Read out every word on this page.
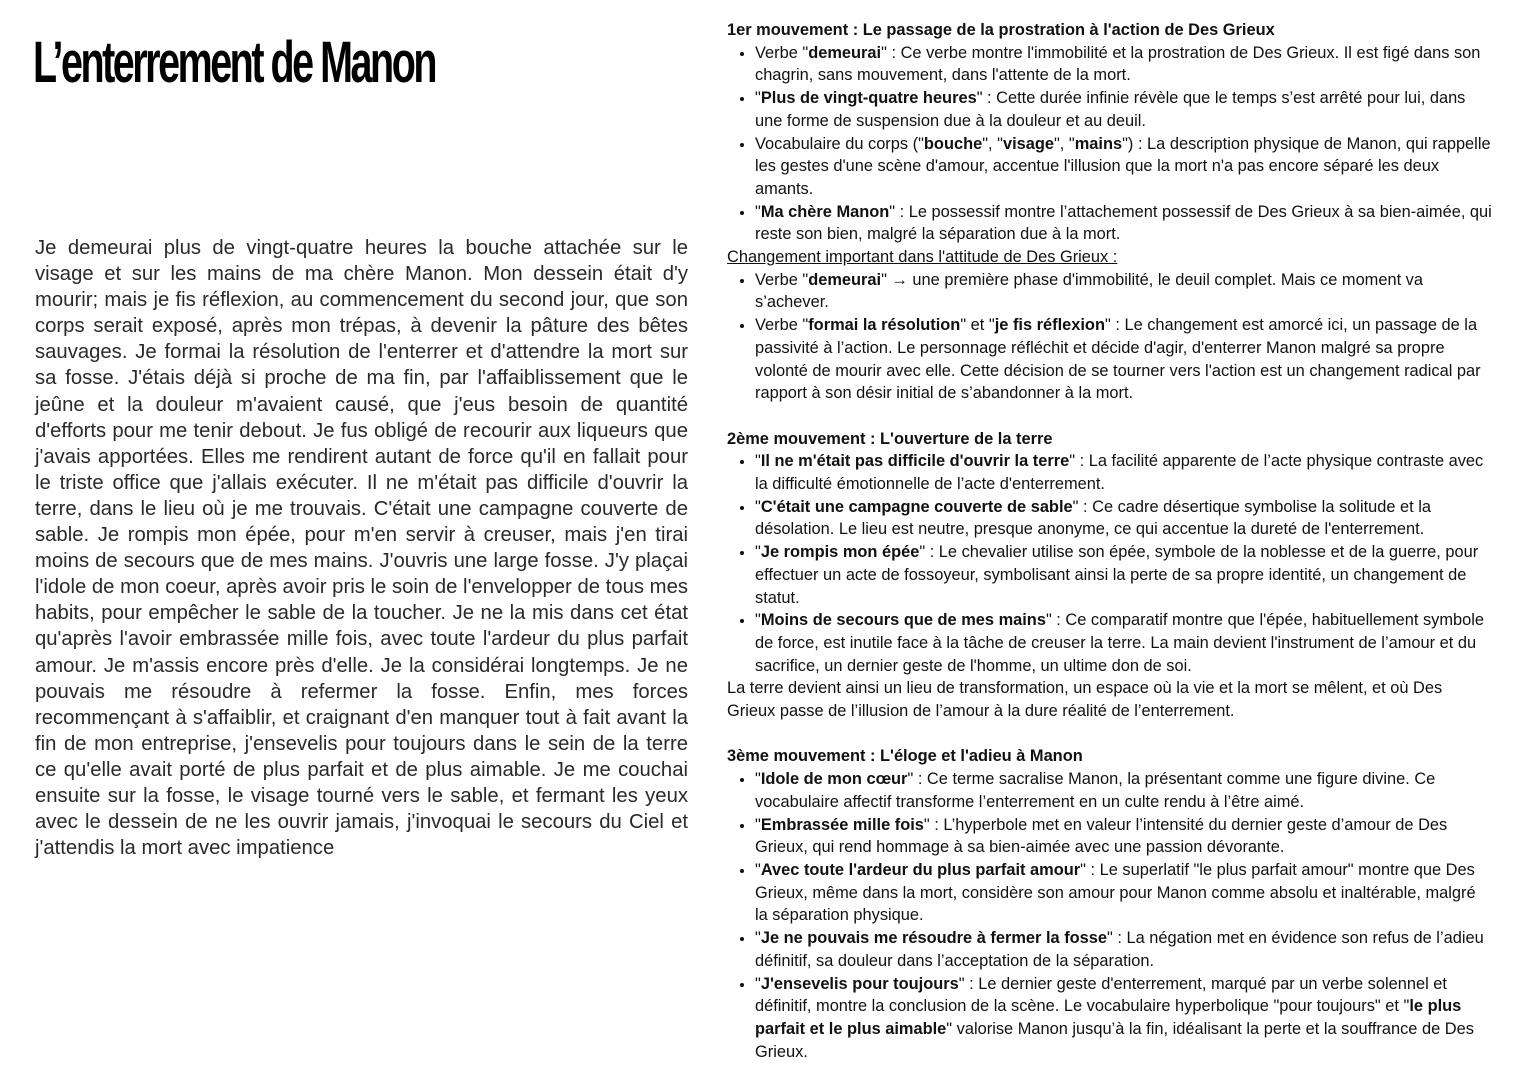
L’enterrement de Manon

Je demeurai plus de vingt-quatre heures la bouche attachée sur le visage et sur les mains de ma chère Manon. Mon dessein était d'y mourir; mais je fis réflexion, au commencement du second jour, que son corps serait exposé, après mon trépas, à devenir la pâture des bêtes sauvages. Je formai la résolution de l'enterrer et d'attendre la mort sur sa fosse. J'étais déjà si proche de ma fin, par l'affaiblissement que le jeûne et la douleur m'avaient causé, que j'eus besoin de quantité d'efforts pour me tenir debout. Je fus obligé de recourir aux liqueurs que j'avais apportées. Elles me rendirent autant de force qu'il en fallait pour le triste office que j'allais exécuter. Il ne m'était pas difficile d'ouvrir la terre, dans le lieu où je me trouvais. C'était une campagne couverte de sable. Je rompis mon épée, pour m'en servir à creuser, mais j'en tirai moins de secours que de mes mains. J'ouvris une large fosse. J'y plaçai l'idole de mon coeur, après avoir pris le soin de l'envelopper de tous mes habits, pour empêcher le sable de la toucher. Je ne la mis dans cet état qu'après l'avoir embrassée mille fois, avec toute l'ardeur du plus parfait amour. Je m'assis encore près d'elle. Je la considérai longtemps. Je ne pouvais me résoudre à refermer la fosse. Enfin, mes forces recommençant à s'affaiblir, et craignant d'en manquer tout à fait avant la fin de mon entreprise, j'ensevelis pour toujours dans le sein de la terre ce qu'elle avait porté de plus parfait et de plus aimable. Je me couchai ensuite sur la fosse, le visage tourné vers le sable, et fermant les yeux avec le dessein de ne les ouvrir jamais, j'invoquai le secours du Ciel et j'attendis la mort avec impatience

1er mouvement : Le passage de la prostration à l'action de Des Grieux

• Verbe "demeurai" : Ce verbe montre l'immobilité et la prostration de Des Grieux. Il est figé dans son chagrin, sans mouvement, dans l'attente de la mort.
• "Plus de vingt-quatre heures" : Cette durée infinie révèle que le temps s’est arrêté pour lui, dans une forme de suspension due à la douleur et au deuil.
• Vocabulaire du corps ("bouche", "visage", "mains") : La description physique de Manon, qui rappelle les gestes d'une scène d'amour, accentue l'illusion que la mort n'a pas encore séparé les deux amants.
• "Ma chère Manon" : Le possessif montre l’attachement possessif de Des Grieux à sa bien-aimée, qui reste son bien, malgré la séparation due à la mort.

Changement important dans l'attitude de Des Grieux :

• Verbe "demeurai" → une première phase d'immobilité, le deuil complet. Mais ce moment va s’achever.
• Verbe "formai la résolution" et "je fis réflexion" : Le changement est amorcé ici, un passage de la passivité à l’action. Le personnage réfléchit et décide d'agir, d'enterrer Manon malgré sa propre volonté de mourir avec elle. Cette décision de se tourner vers l'action est un changement radical par rapport à son désir initial de s’abandonner à la mort.

2ème mouvement : L'ouverture de la terre

• "Il ne m'était pas difficile d'ouvrir la terre" : La facilité apparente de l’acte physique contraste avec la difficulté émotionnelle de l’acte d'enterrement.
• "C'était une campagne couverte de sable" : Ce cadre désertique symbolise la solitude et la désolation. Le lieu est neutre, presque anonyme, ce qui accentue la dureté de l'enterrement.
• "Je rompis mon épée" : Le chevalier utilise son épée, symbole de la noblesse et de la guerre, pour effectuer un acte de fossoyeur, symbolisant ainsi la perte de sa propre identité, un changement de statut.
• "Moins de secours que de mes mains" : Ce comparatif montre que l'épée, habituellement symbole de force, est inutile face à la tâche de creuser la terre. La main devient l'instrument de l’amour et du sacrifice, un dernier geste de l'homme, un ultime don de soi.

La terre devient ainsi un lieu de transformation, un espace où la vie et la mort se mêlent, et où Des Grieux passe de l’illusion de l’amour à la dure réalité de l’enterrement.

3ème mouvement : L'éloge et l'adieu à Manon

• "Idole de mon cœur" : Ce terme sacralise Manon, la présentant comme une figure divine. Ce vocabulaire affectif transforme l’enterrement en un culte rendu à l’être aimé.
• "Embrassée mille fois" : L’hyperbole met en valeur l’intensité du dernier geste d’amour de Des Grieux, qui rend hommage à sa bien-aimée avec une passion dévorante.
• "Avec toute l'ardeur du plus parfait amour" : Le superlatif "le plus parfait amour" montre que Des Grieux, même dans la mort, considère son amour pour Manon comme absolu et inaltérable, malgré la séparation physique.
• "Je ne pouvais me résoudre à fermer la fosse" : La négation met en évidence son refus de l’adieu définitif, sa douleur dans l’acceptation de la séparation.
• "J'ensevelis pour toujours" : Le dernier geste d'enterrement, marqué par un verbe solennel et définitif, montre la conclusion de la scène. Le vocabulaire hyperbolique "pour toujours" et "le plus parfait et le plus aimable" valorise Manon jusqu’à la fin, idéalisant la perte et la souffrance de Des Grieux.
